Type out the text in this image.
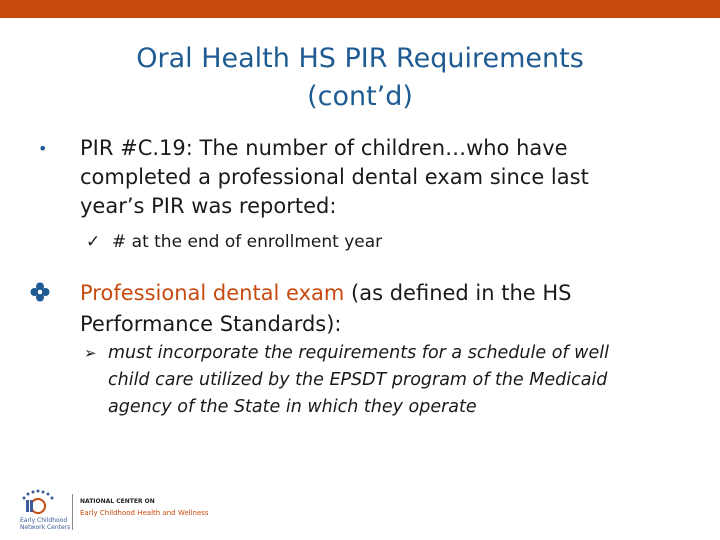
Oral Health HS PIR Requirements
(cont’d)
• PIR #C.19: The number of children…who have
completed a professional dental exam since last
year’s PIR was reported:
✓ # at the end of enrollment year
Professional dental exam (as defined in the HS
Performance Standards):
➢ must incorporate the requirements for a schedule of well
child care utilized by the EPSDT program of the Medicaid
agency of the State in which they operate
Early Childhood
Network Centers
NATIONAL CENTER ON
Early Childhood Health and Wellness
